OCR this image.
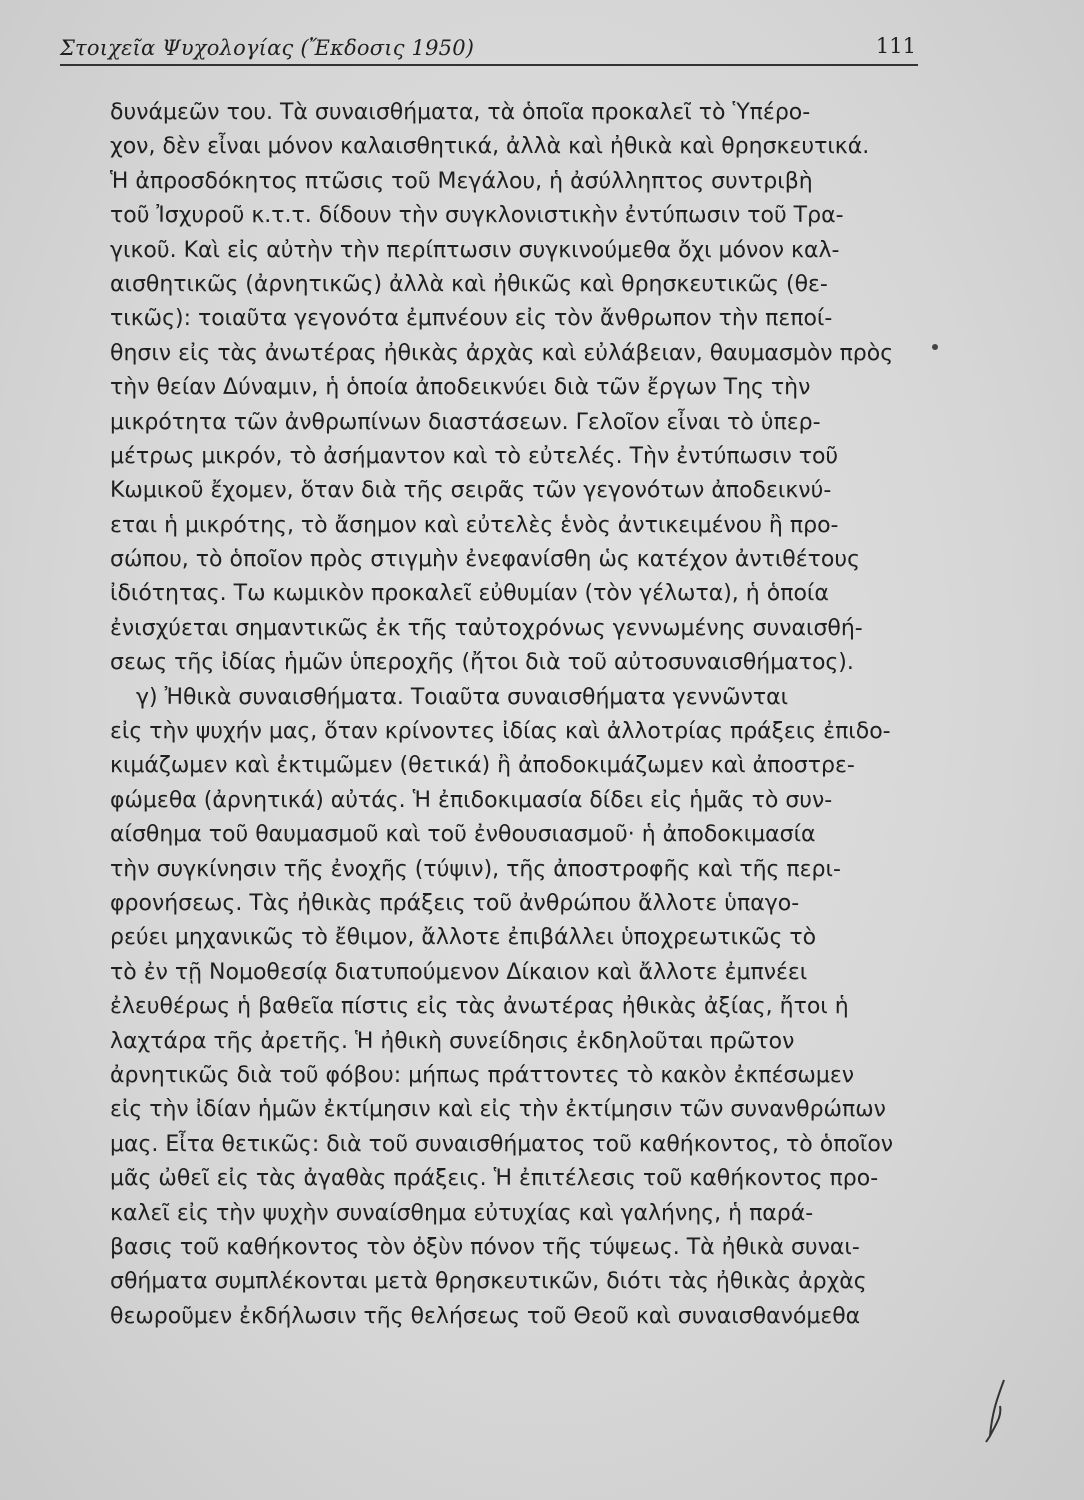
Στοιχεῖα Ψυχολογίας (Ἔκδοσις 1950)	111
δυνάμεῶν του. Τὰ συναισθήματα, τὰ ὁποῖα προκαλεῖ τὸ Ὑπέρο-
χον, δὲν εἶναι μόνον καλαισθητικά, ἀλλὰ καὶ ἠθικὰ καὶ θρησκευτικά.
Ἡ ἀπροσδόκητος πτῶσις τοῦ Μεγάλου, ἡ ἀσύλληπτος συντριβὴ
τοῦ Ἰσχυροῦ κ.τ.τ. δίδουν τὴν συγκλονιστικὴν ἐντύπωσιν τοῦ Τρα-
γικοῦ. Καὶ εἰς αὐτὴν τὴν περίπτωσιν συγκινούμεθα ὄχι μόνον καλ-
αισθητικῶς (ἀρνητικῶς) ἀλλὰ καὶ ἠθικῶς καὶ θρησκευτικῶς (θε-
τικῶς): τοιαῦτα γεγονότα ἐμπνέουν εἰς τὸν ἄνθρωπον τὴν πεποί-
θησιν εἰς τὰς ἀνωτέρας ἠθικὰς ἀρχὰς καὶ εὐλάβειαν, θαυμασμὸν πρὸς
τὴν θείαν Δύναμιν, ἡ ὁποία ἀποδεικνύει διὰ τῶν ἔργων Της τὴν
μικρότητα τῶν ἀνθρωπίνων διαστάσεων. Γελοῖον εἶναι τὸ ὑπερ-
μέτρως μικρόν, τὸ ἀσήμαντον καὶ τὸ εὐτελές. Τὴν ἐντύπωσιν τοῦ
Κωμικοῦ ἔχομεν, ὅταν διὰ τῆς σειρᾶς τῶν γεγονότων ἀποδεικνύ-
εται ἡ μικρότης, τὸ ἄσημον καὶ εὐτελὲς ἑνὸς ἀντικειμένου ἢ προ-
σώπου, τὸ ὁποῖον πρὸς στιγμὴν ἐνεφανίσθη ὡς κατέχον ἀντιθέτους
ἰδιότητας. Τω κωμικὸν προκαλεῖ εὐθυμίαν (τὸν γέλωτα), ἡ ὁποία
ἐνισχύεται σημαντικῶς ἐκ τῆς ταὐτοχρόνως γεννωμένης συναισθή-
σεως τῆς ἰδίας ἡμῶν ὑπεροχῆς (ἤτοι διὰ τοῦ αὐτοσυναισθήματος).
γ) Ἠθικὰ συναισθήματα. Τοιαῦτα συναισθήματα γεννῶνται
εἰς τὴν ψυχήν μας, ὅταν κρίνοντες ἰδίας καὶ ἀλλοτρίας πράξεις ἐπιδο-
κιμάζωμεν καὶ ἐκτιμῶμεν (θετικά) ἢ ἀποδοκιμάζωμεν καὶ ἀποστρε-
φώμεθα (ἀρνητικά) αὐτάς. Ἡ ἐπιδοκιμασία δίδει εἰς ἡμᾶς τὸ συν-
αίσθημα τοῦ θαυμασμοῦ καὶ τοῦ ἐνθουσιασμοῦ· ἡ ἀποδοκιμασία
τὴν συγκίνησιν τῆς ἐνοχῆς (τύψιν), τῆς ἀποστροφῆς καὶ τῆς περι-
φρονήσεως. Τὰς ἠθικὰς πράξεις τοῦ ἀνθρώπου ἄλλοτε ὑπαγο-
ρεύει μηχανικῶς τὸ ἔθιμον, ἄλλοτε ἐπιβάλλει ὑποχρεωτικῶς τὸ
τὸ ἐν τῇ Νομοθεσίᾳ διατυπούμενον Δίκαιον καὶ ἄλλοτε ἐμπνέει
ἐλευθέρως ἡ βαθεῖα πίστις εἰς τὰς ἀνωτέρας ἠθικὰς ἀξίας, ἤτοι ἡ
λαχτάρα τῆς ἀρετῆς. Ἡ ἠθικὴ συνείδησις ἐκδηλοῦται πρῶτον
ἀρνητικῶς διὰ τοῦ φόβου: μήπως πράττοντες τὸ κακὸν ἐκπέσωμεν
εἰς τὴν ἰδίαν ἡμῶν ἐκτίμησιν καὶ εἰς τὴν ἐκτίμησιν τῶν συνανθρώπων
μας. Εἶτα θετικῶς: διὰ τοῦ συναισθήματος τοῦ καθήκοντος, τὸ ὁποῖον
μᾶς ὠθεῖ εἰς τὰς ἀγαθὰς πράξεις. Ἡ ἐπιτέλεσις τοῦ καθήκοντος προ-
καλεῖ εἰς τὴν ψυχὴν συναίσθημα εὐτυχίας καὶ γαλήνης, ἡ παρά-
βασις τοῦ καθήκοντος τὸν ὀξὺν πόνον τῆς τύψεως. Τὰ ἠθικὰ συναι-
σθήματα συμπλέκονται μετὰ θρησκευτικῶν, διότι τὰς ἠθικὰς ἀρχὰς
θεωροῦμεν ἐκδήλωσιν τῆς θελήσεως τοῦ Θεοῦ καὶ συναισθανόμεθα
